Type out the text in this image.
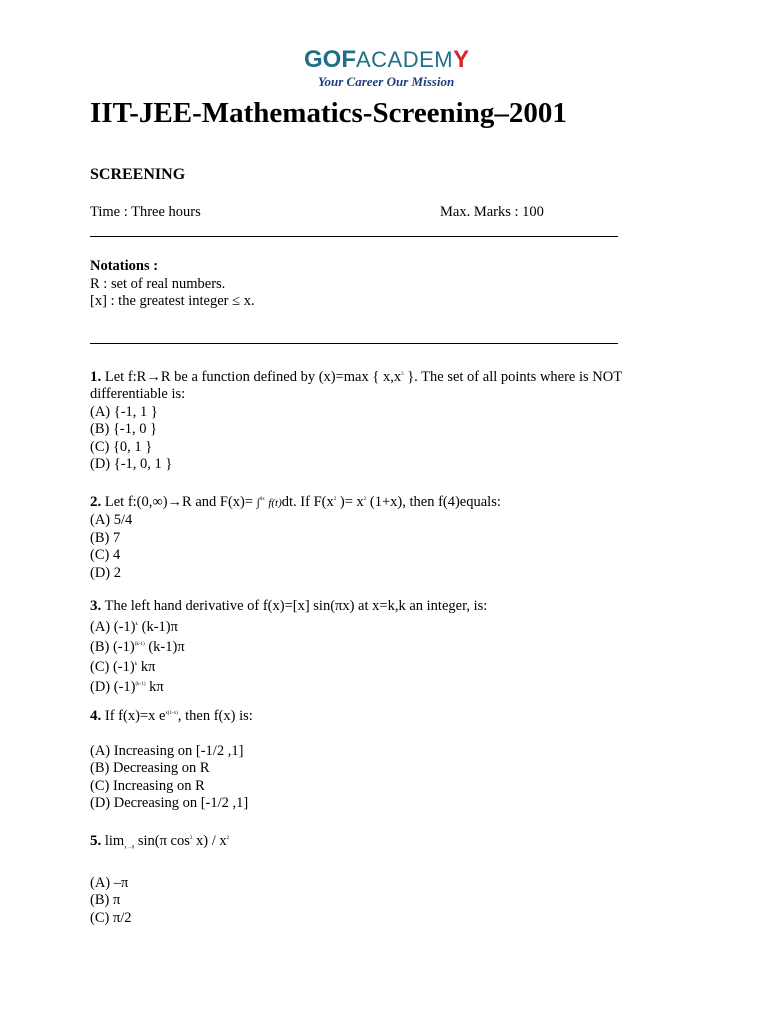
GOFACADEMY
Your Career Our Mission
IIT-JEE-Mathematics-Screening–2001
SCREENING
Time : Three hours	Max. Marks : 100
Notations :
R : set of real numbers.
[x] : the greatest integer ≤ x.
1. Let f:R→R be a function defined by (x)=max { $x,x^3$ }. The set of all points where is NOT
differentiable is:
(A) {-1, 1 }
(B) {-1, 0 }
(C) {0, 1 }
(D) {-1, 0, 1 }
2. Let f:(0,∞)→R and F(x)= ∫$^{0x}$ f(t)dt. If $F(x^2$ )= $x^2$ (1+x), then f(4)equals:
(A) 5/4
(B) 7
(C) 4
(D) 2
3. The left hand derivative of f(x)=[x] sin(πx) at x=k,k an integer, is:
(A) $(-1)^k$ (k-1)π
(B) $(-1)^{(k-1)}$ (k-1)π
(C) $(-1)^k$ kπ
(D) $(-1)^{(k-1)}$ kπ
4. If f(x)=x $e^{x(1-x)}$, then f(x) is:
(A) Increasing on [-1/2 ,1]
(B) Decreasing on R
(C) Increasing on R
(D) Decreasing on [-1/2 ,1]
5. $\lim_{x\to 0} \sin(\pi$ $\cos^2 x) / x^2$
(A) –π
(B) π
(C) π/2
